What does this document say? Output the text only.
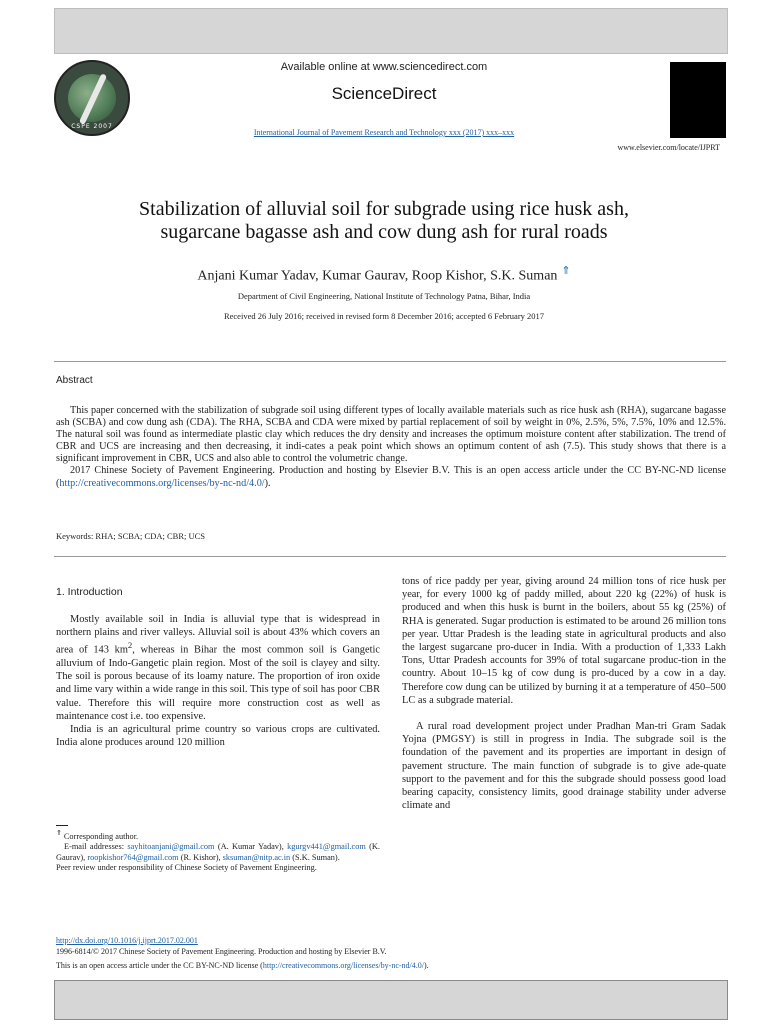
CSPE 2007
Available online at www.sciencedirect.com
ScienceDirect
International Journal of Pavement Research and Technology xxx (2017) xxx–xxx
www.elsevier.com/locate/IJPRT
Stabilization of alluvial soil for subgrade using rice husk ash,
sugarcane bagasse ash and cow dung ash for rural roads
Anjani Kumar Yadav, Kumar Gaurav, Roop Kishor, S.K. Suman ⇑
Department of Civil Engineering, National Institute of Technology Patna, Bihar, India
Received 26 July 2016; received in revised form 8 December 2016; accepted 6 February 2017
Abstract

This paper concerned with the stabilization of subgrade soil using different types of locally available materials such as rice husk ash (RHA), sugarcane bagasse ash (SCBA) and cow dung ash (CDA). The RHA, SCBA and CDA were mixed by partial replacement of soil by weight in 0%, 2.5%, 5%, 7.5%, 10% and 12.5%. The natural soil was found as intermediate plastic clay which reduces the dry density and increases the optimum moisture content after stabilization. The trend of CBR and UCS are increasing and then decreasing, it indi-cates a peak point which shows an optimum content of ash (7.5). This study shows that there is a significant improvement in CBR, UCS and also able to control the volumetric change.

2017 Chinese Society of Pavement Engineering. Production and hosting by Elsevier B.V. This is an open access article under the CC BY-NC-ND license (http://creativecommons.org/licenses/by-nc-nd/4.0/).

Keywords: RHA; SCBA; CDA; CBR; UCS
1. Introduction

Mostly available soil in India is alluvial type that is widespread in northern plains and river valleys. Alluvial soil is about 43% which covers an area of 143 $km^2$, whereas in Bihar the most common soil is Gangetic alluvium of Indo-Gangetic plain region. Most of the soil is clayey and silty. The soil is porous because of its loamy nature. The proportion of iron oxide and lime vary within a wide range in this soil. This type of soil has poor CBR value. Therefore this will require more construction cost as well as maintenance cost i.e. too expensive.

India is an agricultural prime country so various crops are cultivated. India alone produces around 120 million

tons of rice paddy per year, giving around 24 million tons of rice husk per year, for every 1000 kg of paddy milled, about 220 kg (22%) of husk is produced and when this husk is burnt in the boilers, about 55 kg (25%) of RHA is generated. Sugar production is estimated to be around 26 million tons per year. Uttar Pradesh is the leading state in agricultural products and also the largest sugarcane pro-ducer in India. With a production of 1,333 Lakh Tons, Uttar Pradesh accounts for 39% of total sugarcane produc-tion in the country. About 10–15 kg of cow dung is pro-duced by a cow in a day. Therefore cow dung can be utilized by burning it at a temperature of 450–500 LC as a subgrade material.

A rural road development project under Pradhan Man-tri Gram Sadak Yojna (PMGSY) is still in progress in India. The subgrade soil is the foundation of the pavement and its properties are important in design of pavement structure. The main function of subgrade is to give ade-quate support to the pavement and for this the subgrade should possess good load bearing capacity, consistency limits, good drainage stability under adverse climate and

⇑ Corresponding author.

E-mail addresses: sayhitoanjani@gmail.com (A. Kumar Yadav), kgurgv441@gmail.com (K. Gaurav), roopkishor764@gmail.com (R. Kishor), sksuman@nitp.ac.in (S.K. Suman).

Peer review under responsibility of Chinese Society of Pavement Engineering.

http://dx.doi.org/10.1016/j.ijprt.2017.02.001
1996-6814/© 2017 Chinese Society of Pavement Engineering. Production and hosting by Elsevier B.V.
This is an open access article under the CC BY-NC-ND license (http://creativecommons.org/licenses/by-nc-nd/4.0/).
